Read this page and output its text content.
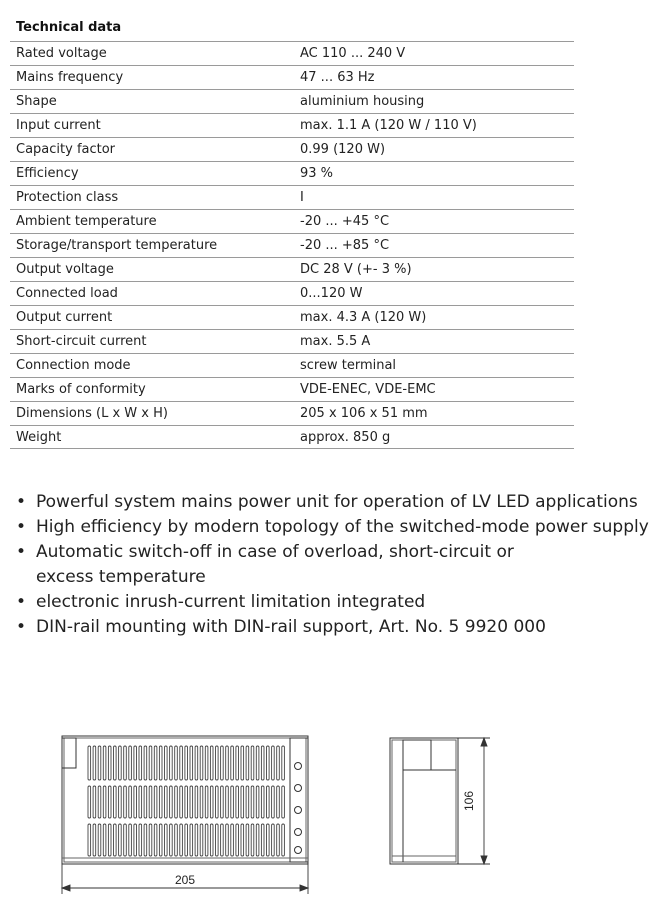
Technical data
Rated voltage	AC 110 ... 240 V
Mains frequency	47 ... 63 Hz
Shape	aluminium housing
Input current	max. 1.1 A (120 W / 110 V)
Capacity factor	0.99 (120 W)
Efficiency	93 %
Protection class	I
Ambient temperature	-20 ... +45 °C
Storage/transport temperature	-20 ... +85 °C
Output voltage	DC 28 V (+- 3 %)
Connected load	0...120 W
Output current	max. 4.3 A (120 W)
Short-circuit current	max. 5.5 A
Connection mode	screw terminal
Marks of conformity	VDE-ENEC, VDE-EMC
Dimensions (L x W x H)	205 x 106 x 51 mm
Weight	approx. 850 g
• Powerful system mains power unit for operation of LV LED applications
• High efficiency by modern topology of the switched-mode power supply
• Automatic switch-off in case of overload, short-circuit or excess temperature
• electronic inrush-current limitation integrated
• DIN-rail mounting with DIN-rail support, Art. No. 5 9920 000
205
106
